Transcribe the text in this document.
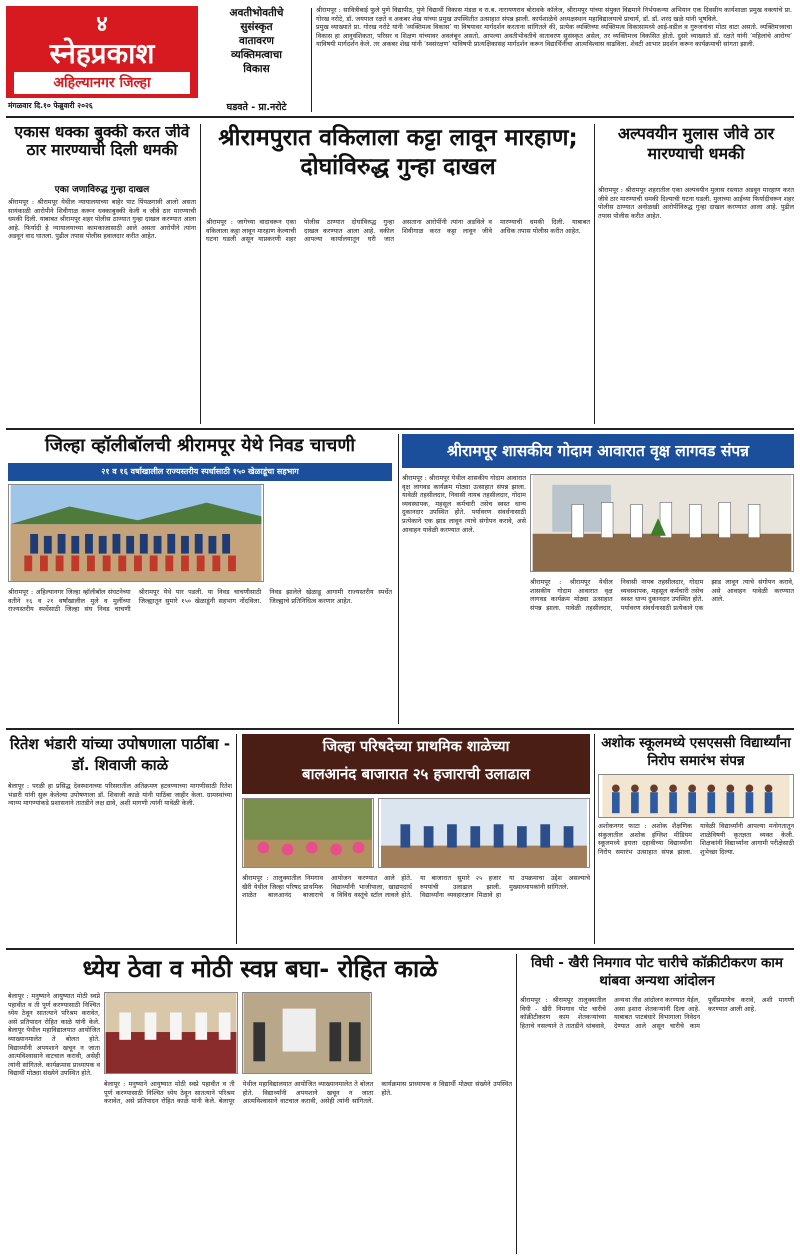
४
स्नेहप्रकाश
अहिल्यानगर जिल्हा
मंगळवार दि.१० फेब्रुवारी २०२६
अवतीभोवतीचे
सुसंस्कृत
वातावरण
व्यक्तिमत्वाचा
विकास
घडवते - प्रा.नरोटे

श्रीरामपूर : सावित्रीबाई फुले पुणे विद्यापीठ, पुणे विद्यार्थी विकास मंडळ व रा.ब. नारायणराव बोरावके कॉलेज, श्रीरामपूर यांच्या संयुक्त विद्यमाने निर्भयकन्या अभियान एक दिवसीय कार्यशाळा प्रमुख वक्त्यांचे प्रा. गोरख नरोटे, डॉ. जयपाल रक्षते व अकबर शेख यांच्या प्रमुख उपस्थितीत उत्साहात संपन्न झाली. कार्यशाळेचे अध्यक्षस्थान महाविद्यालयाचे प्राचार्य, डॉ. डॉ. शरद खळे यांनी भूषविले.

प्रमुख व्याख्याते प्रा. गोरख नरोटे यांनी ‘व्यक्तिमत्व विकास’ या विषयावर मार्गदर्शन करताना सांगितले की, प्रत्येक व्यक्तिच्या व्यक्तिमत्व विकासामध्ये आई-वडील व गुरुजनांचा मोठा वाटा असतो. व्यक्तिमत्त्वाचा विकास हा आनुवंशिकता, परिसर व शिक्षण यांच्यावर अवलंबून असतो. आपल्या अवतीभोवतीचे वातावरण सुसंस्कृत असेल, तर व्यक्तिमत्त्व विकसित होतो. दुसरे व्याख्याते डॉ. रक्षते यांनी ‘महिलांचे आरोग्य’ याविषयी मार्गदर्शन केले. तर अकबर शेख यांनी ‘स्वसंरक्षण’ याविषयी प्रात्यक्षिकासह मार्गदर्शन करून विद्यार्थिनींचा आत्मविश्वास वाढविला. शेवटी आभार प्रदर्शन करून कार्यक्रमाची सांगता झाली.

एकास धक्का बुक्की करत जीवे ठार मारण्याची दिली धमकी
एका जणाविरुद्ध गुन्हा दाखल
श्रीरामपूर : श्रीरामपूर येथील न्यायालयाच्या बाहेर पाट पिंपळगावी आलो असता सायंकाळी आरोपीने शिवीगाळ करून धक्काबुक्की केली व जीवे ठार मारण्याची धमकी दिली. याबाबत श्रीरामपूर शहर पोलीस ठाण्यात गुन्हा दाखल करण्यात आला आहे. फिर्यादी हे न्यायालयाच्या कामकाजासाठी आले असता आरोपीने त्यांना अडवून वाद घातला. पुढील तपास पोलीस हवालदार करीत आहेत.
श्रीरामपुरात वकिलाला कट्टा लावून मारहाण; दोघांविरुद्ध गुन्हा दाखल
श्रीरामपूर : जागेच्या वादावरून एका वकिलाला कट्टा लावून मारहाण केल्याची घटना घडली असून याप्रकरणी शहर पोलीस ठाण्यात दोघांविरुद्ध गुन्हा दाखल करण्यात आला आहे. वकील आपल्या कार्यालयातून घरी जात असताना आरोपींनी त्यांना अडविले व शिवीगाळ करत कट्टा लावून जीवे मारण्याची धमकी दिली. याबाबत अधिक तपास पोलीस करीत आहेत.
अल्पवयीन मुलास जीवे ठार मारण्याची धमकी
श्रीरामपूर : श्रीरामपूर शहरातील एका अल्पवयीन मुलास रस्त्यात अडवून मारहाण करत जीवे ठार मारण्याची धमकी दिल्याची घटना घडली. मुलाच्या आईच्या फिर्यादीवरून शहर पोलीस ठाण्यात अनोळखी आरोपींविरुद्ध गुन्हा दाखल करण्यात आला आहे. पुढील तपास पोलीस करीत आहेत.
जिल्हा व्हॉलीबॉलची श्रीरामपूर येथे निवड चाचणी
२१ व १६ वर्षाखालील राज्यस्तरीय स्पर्धासाठी १५० खेळाडूंचा सहभाग
श्रीरामपूर : अहिल्यानगर जिल्हा व्हॉलीबॉल संघटनेच्या वतीने १६ व २१ वर्षांखालील मुले व मुलींच्या राज्यस्तरीय स्पर्धेसाठी जिल्हा संघ निवड चाचणी श्रीरामपूर येथे पार पडली. या निवड चाचणीसाठी जिल्ह्यातून सुमारे १५० खेळाडूंनी सहभाग नोंदविला. निवड झालेले खेळाडू आगामी राज्यस्तरीय स्पर्धेत जिल्ह्याचे प्रतिनिधित्व करणार आहेत.
श्रीरामपूर शासकीय गोदाम आवारात वृक्ष लागवड संपन्न
श्रीरामपूर : श्रीरामपूर येथील शासकीय गोदाम आवारात वृक्ष लागवड कार्यक्रम मोठ्या उत्साहात संपन्न झाला. यावेळी तहसीलदार, निवासी नायब तहसीलदार, गोदाम व्यवस्थापक, महसूल कर्मचारी तसेच स्वस्त धान्य दुकानदार उपस्थित होते. पर्यावरण संवर्धनासाठी प्रत्येकाने एक झाड लावून त्याचे संगोपन करावे, असे आवाहन यावेळी करण्यात आले.
श्रीरामपूर : श्रीरामपूर येथील शासकीय गोदाम आवारात वृक्ष लागवड कार्यक्रम मोठ्या उत्साहात संपन्न झाला. यावेळी तहसीलदार, निवासी नायब तहसीलदार, गोदाम व्यवस्थापक, महसूल कर्मचारी तसेच स्वस्त धान्य दुकानदार उपस्थित होते. पर्यावरण संवर्धनासाठी प्रत्येकाने एक झाड लावून त्याचे संगोपन करावे, असे आवाहन यावेळी करण्यात आले.
रितेश भंडारी यांच्या उपोषणाला पाठींबा - डॉ. शिवाजी काळे
बेलापूर : परळी हा प्रसिद्ध देवस्थानाच्या परिसरातील अतिक्रमण हटवण्याच्या मागणीसाठी रितेश भंडारी यांनी सुरू केलेल्या उपोषणाला डॉ. शिवाजी काळे यांनी पाठिंबा जाहीर केला. ग्रामस्थांच्या न्याय्य मागण्यांकडे प्रशासनाने तातडीने लक्ष द्यावे, अशी मागणी त्यांनी यावेळी केली.
जिल्हा परिषदेच्या प्राथमिक शाळेच्या
बालआनंद बाजारात २५ हजाराची उलाढाल
श्रीरामपूर : तालुक्यातील निमगाव खैरी येथील जिल्हा परिषद प्राथमिक शाळेत बालआनंद बाजाराचे आयोजन करण्यात आले होते. विद्यार्थ्यांनी भाजीपाला, खाद्यपदार्थ व विविध वस्तूंचे स्टॉल लावले होते. या बाजारात सुमारे २५ हजार रुपयांची उलाढाल झाली. विद्यार्थ्यांना व्यवहारज्ञान मिळावे हा या उपक्रमाचा उद्देश असल्याचे मुख्याध्यापकांनी सांगितले.
अशोक स्कूलमध्ये एसएससी विद्यार्थ्यांना निरोप समारंभ संपन्न
अशोकनगर फाटा : अशोक शैक्षणिक संकुलातील अशोक इंग्लिश मीडियम स्कूलमध्ये इयत्ता दहावीच्या विद्यार्थ्यांना निरोप समारंभ उत्साहात संपन्न झाला. यावेळी विद्यार्थ्यांनी आपल्या मनोगतातून शाळेविषयी कृतज्ञता व्यक्त केली. शिक्षकांनी विद्यार्थ्यांना आगामी परीक्षेसाठी शुभेच्छा दिल्या.
ध्येय ठेवा व मोठी स्वप्न बघा- रोहित काळे
बेलापूर : मनुष्याने आयुष्यात मोठी स्वप्ने पहावीत व ती पूर्ण करण्यासाठी निश्चित ध्येय ठेवून सातत्याने परिश्रम करावेत, असे प्रतिपादन रोहित काळे यांनी केले. बेलापूर येथील महाविद्यालयात आयोजित व्याख्यानमालेत ते बोलत होते. विद्यार्थ्यांनी अपयशाने खचून न जाता आत्मविश्वासाने वाटचाल करावी, असेही त्यांनी सांगितले. कार्यक्रमास प्राध्यापक व विद्यार्थी मोठ्या संख्येने उपस्थित होते.
बेलापूर : मनुष्याने आयुष्यात मोठी स्वप्ने पहावीत व ती पूर्ण करण्यासाठी निश्चित ध्येय ठेवून सातत्याने परिश्रम करावेत, असे प्रतिपादन रोहित काळे यांनी केले. बेलापूर येथील महाविद्यालयात आयोजित व्याख्यानमालेत ते बोलत होते. विद्यार्थ्यांनी अपयशाने खचून न जाता आत्मविश्वासाने वाटचाल करावी, असेही त्यांनी सांगितले. कार्यक्रमास प्राध्यापक व विद्यार्थी मोठ्या संख्येने उपस्थित होते.
विघी - खैरी निमगाव पोट चारीचे कॉक्रीटीकरण काम थांबवा अन्यथा आंदोलन
श्रीरामपूर : श्रीरामपूर तालुक्यातील विघी - खैरी निमगाव पोट चारीचे कॉक्रीटीकरण काम शेतकऱ्यांच्या हिताचे नसल्याने ते तातडीने थांबवावे, अन्यथा तीव्र आंदोलन करण्यात येईल, असा इशारा शेतकऱ्यांनी दिला आहे. याबाबत पाटबंधारे विभागाला निवेदन देण्यात आले असून चारीचे काम पूर्वीप्रमाणेच करावे, अशी मागणी करण्यात आली आहे.
